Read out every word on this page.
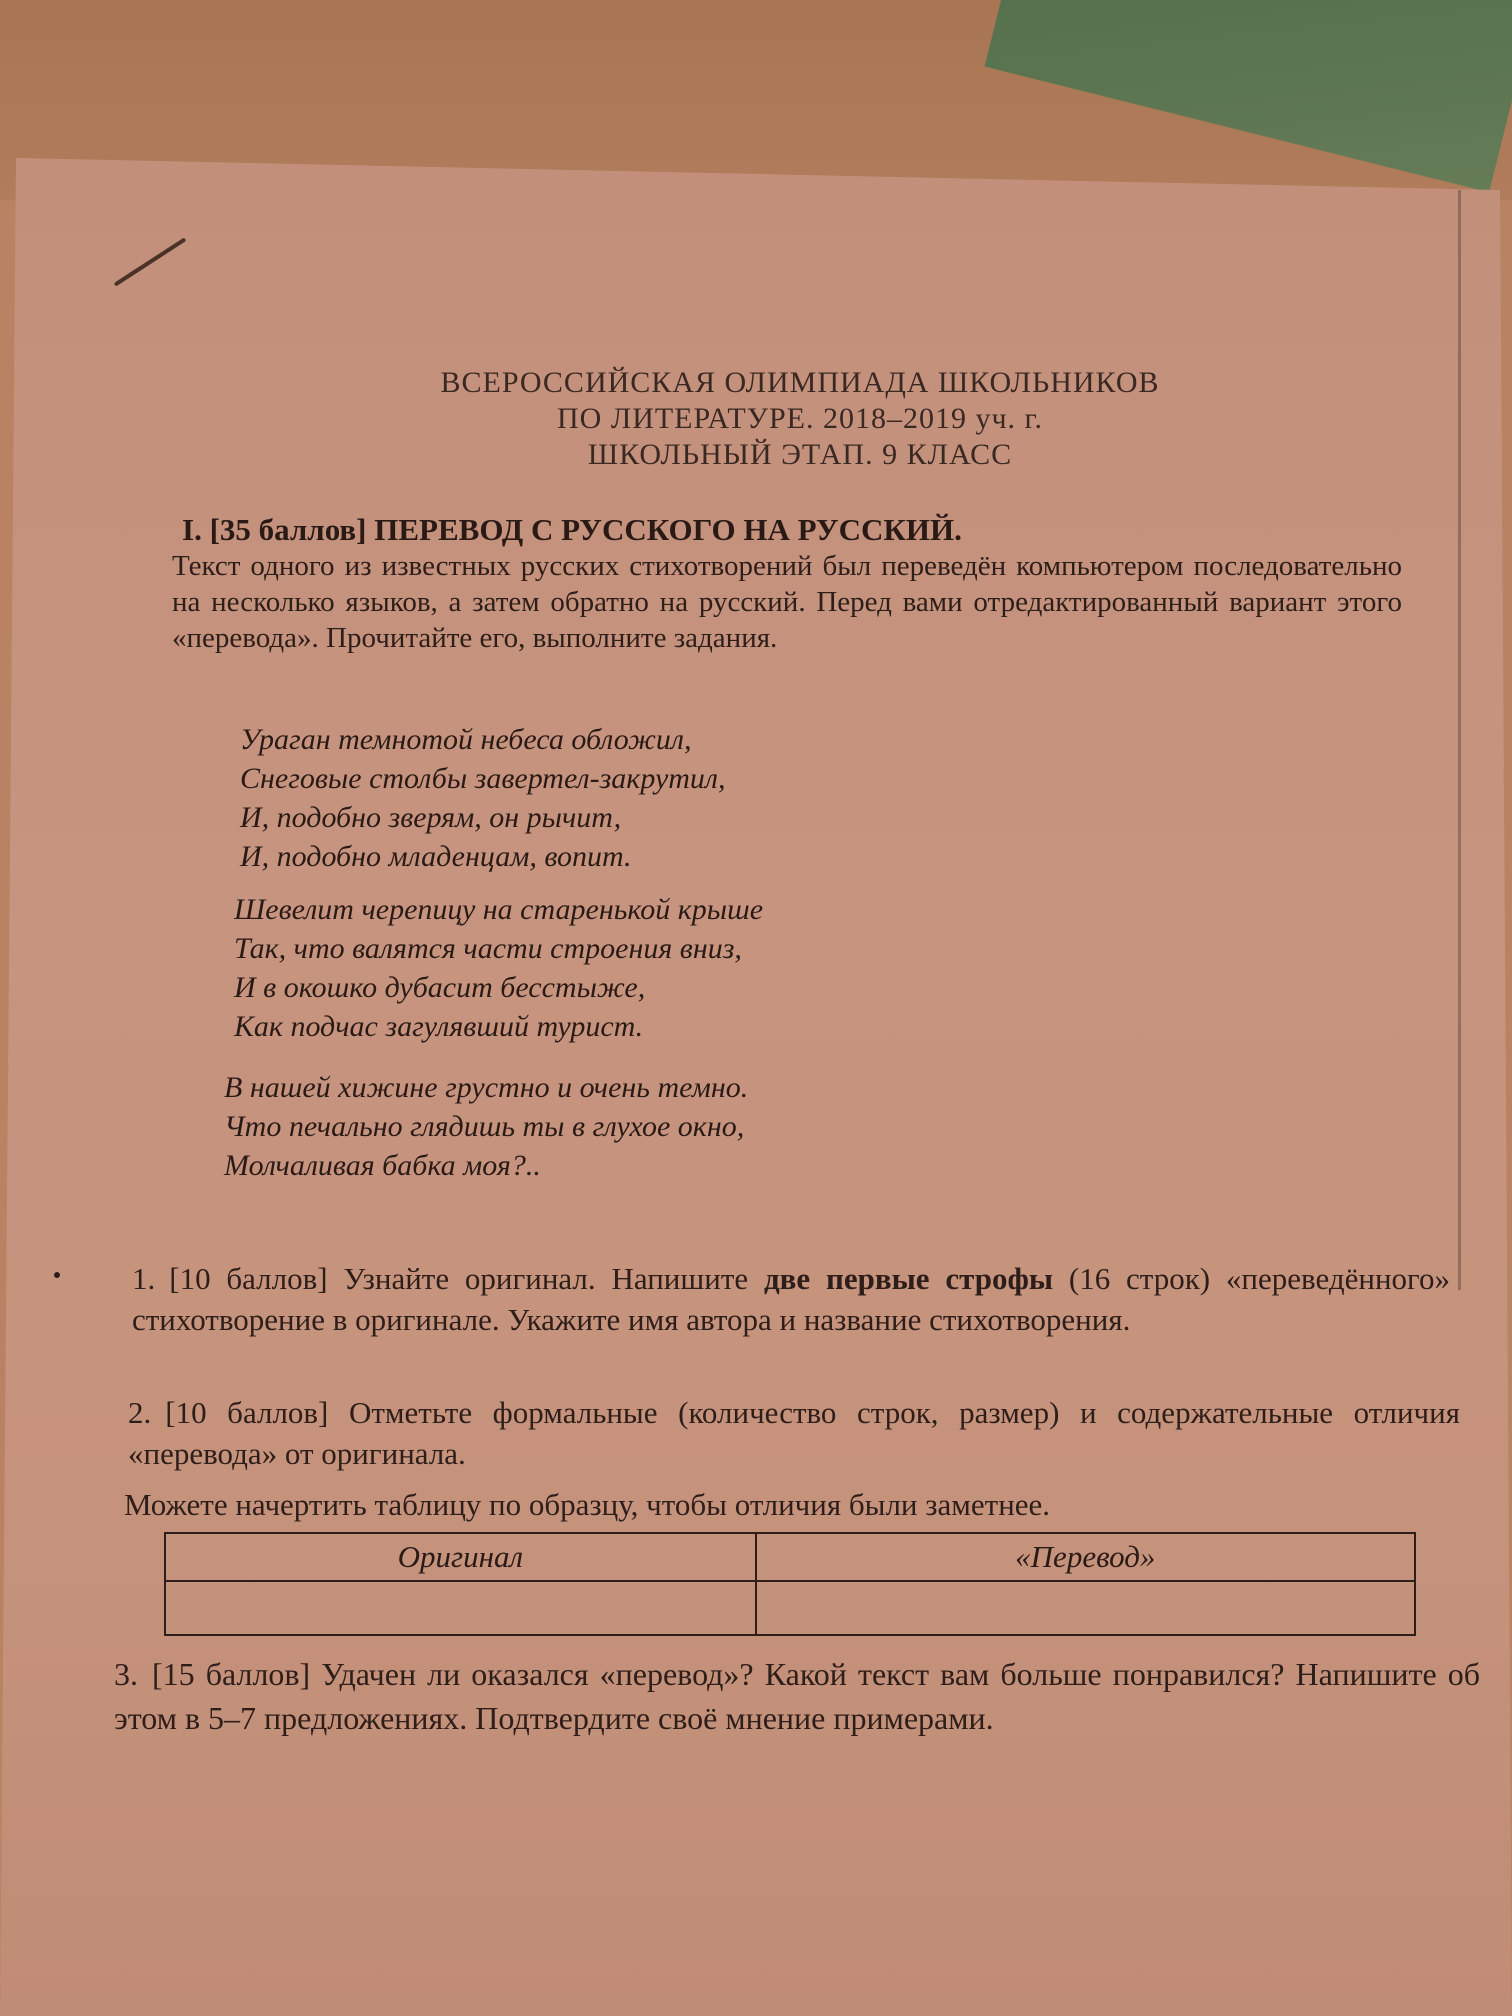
ВСЕРОССИЙСКАЯ ОЛИМПИАДА ШКОЛЬНИКОВ
ПО ЛИТЕРАТУРЕ. 2018–2019 уч. г.
ШКОЛЬНЫЙ ЭТАП. 9 КЛАСС
I. [35 баллов] ПЕРЕВОД С РУССКОГО НА РУССКИЙ.
Текст одного из известных русских стихотворений был переведён компьютером последовательно на несколько языков, а затем обратно на русский. Перед вами отредактированный вариант этого «перевода». Прочитайте его, выполните задания.
Ураган темнотой небеса обложил,
Снеговые столбы завертел-закрутил,
И, подобно зверям, он рычит,
И, подобно младенцам, вопит.
Шевелит черепицу на старенькой крыше
Так, что валятся части строения вниз,
И в окошко дубасит бесстыже,
Как подчас загулявший турист.
В нашей хижине грустно и очень темно.
Что печально глядишь ты в глухое окно,
Молчаливая бабка моя?..
1. [10 баллов] Узнайте оригинал. Напишите две первые строфы (16 строк) «переведённого» стихотворение в оригинале. Укажите имя автора и название стихотворения.
2. [10 баллов] Отметьте формальные (количество строк, размер) и содержательные отличия «перевода» от оригинала.
Можете начертить таблицу по образцу, чтобы отличия были заметнее.
Оригинал	«Перевод»

3. [15 баллов] Удачен ли оказался «перевод»? Какой текст вам больше понравился? Напишите об этом в 5–7 предложениях. Подтвердите своё мнение примерами.
